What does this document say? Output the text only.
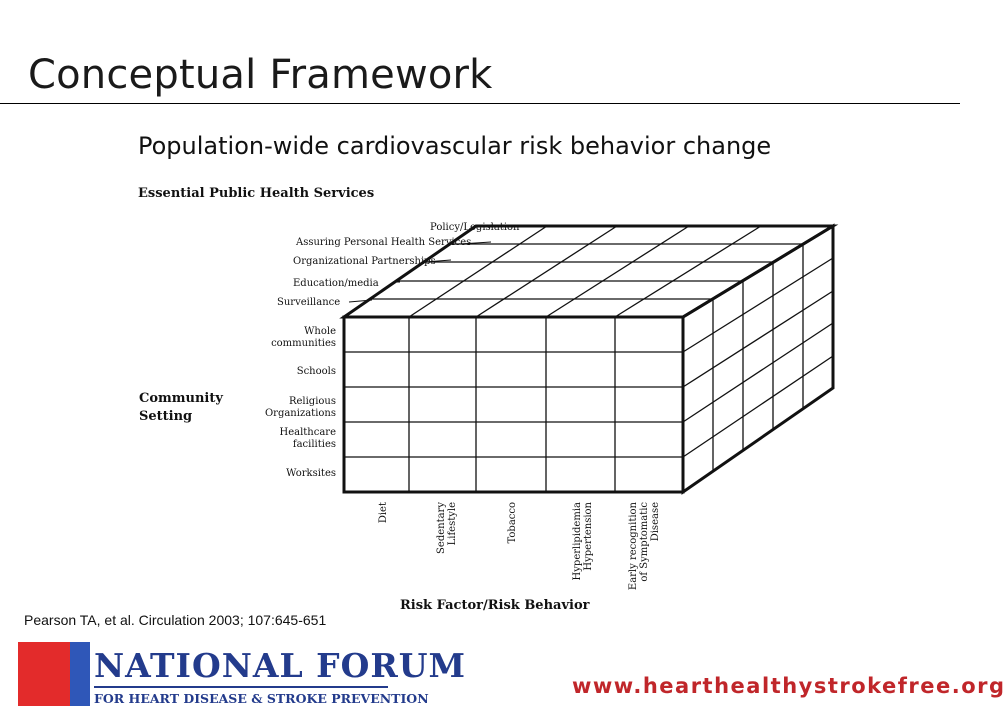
Conceptual Framework
Population-wide cardiovascular risk behavior change
Essential Public Health Services
Community
Setting
Risk Factor/Risk Behavior
Policy/Legislation
Assuring Personal Health Services
Organizational Partnerships
Education/media
Surveillance
Whole
communities
Schools
Religious
Organizations
Healthcare
facilities
Worksites
Diet	Sedentary Lifestyle	Tobacco	Hyperlipidemia Hypertension	Early recognition of Symptomatic Disease
Pearson TA, et al. Circulation 2003; 107:645-651
NATIONAL FORUM
FOR HEART DISEASE & STROKE PREVENTION
www.hearthealthystrokefree.org
